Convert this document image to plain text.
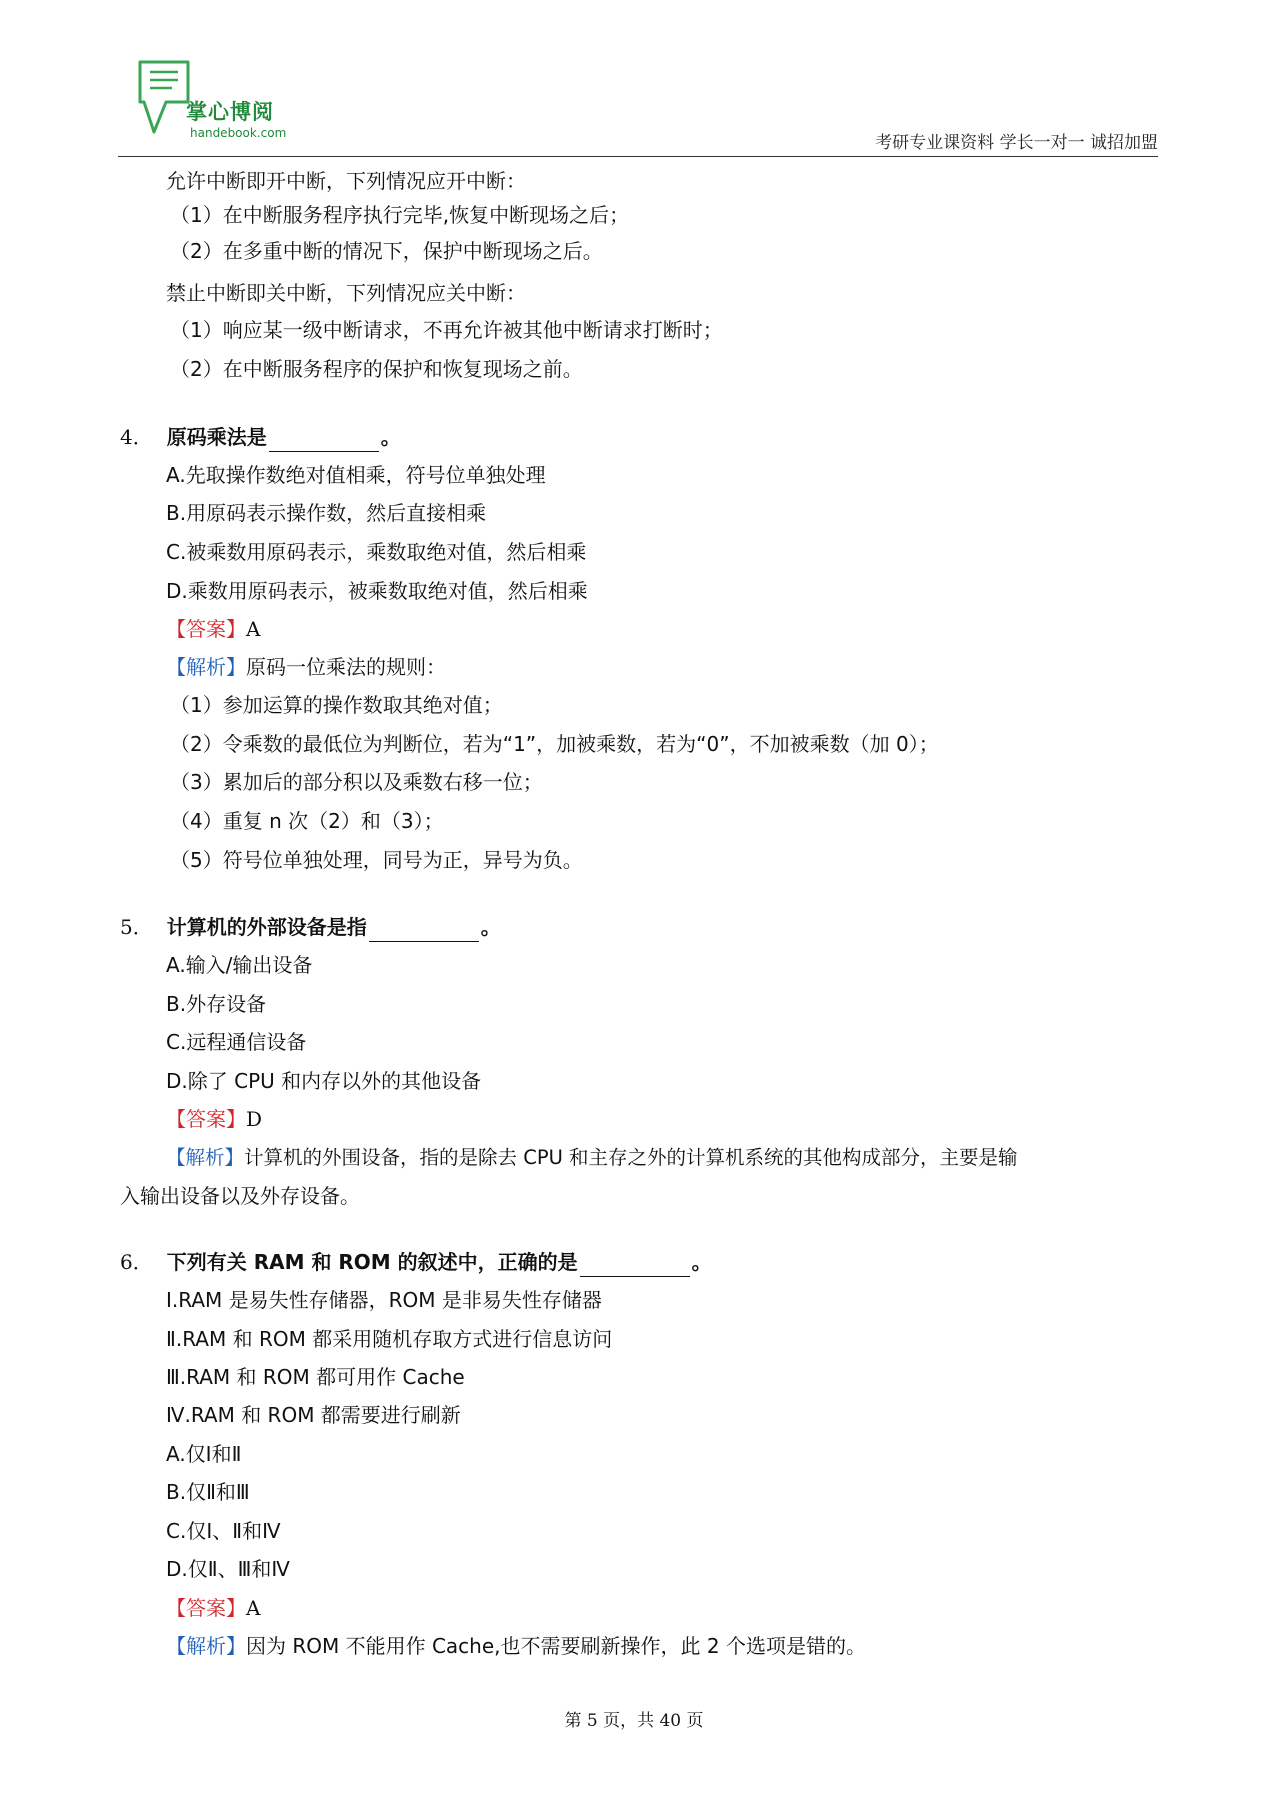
掌心博阅
handebook.com	考研专业课资料 学长一对一 诚招加盟
允许中断即开中断，下列情况应开中断：
（1）在中断服务程序执行完毕,恢复中断现场之后；
（2）在多重中断的情况下，保护中断现场之后。
禁止中断即关中断，下列情况应关中断：
（1）响应某一级中断请求，不再允许被其他中断请求打断时；
（2）在中断服务程序的保护和恢复现场之前。
4． 原码乘法是	。
A.先取操作数绝对值相乘，符号位单独处理
B.用原码表示操作数，然后直接相乘
C.被乘数用原码表示，乘数取绝对值，然后相乘
D.乘数用原码表示，被乘数取绝对值，然后相乘
【答案】A
【解析】原码一位乘法的规则：
（1）参加运算的操作数取其绝对值；
（2）令乘数的最低位为判断位，若为“1”，加被乘数，若为“0”，不加被乘数（加 0）；
（3）累加后的部分积以及乘数右移一位；
（4）重复 n 次（2）和（3）；
（5）符号位单独处理，同号为正，异号为负。
5． 计算机的外部设备是指	。
A.输入/输出设备
B.外存设备
C.远程通信设备
D.除了 CPU 和内存以外的其他设备
【答案】D
【解析】计算机的外围设备，指的是除去 CPU 和主存之外的计算机系统的其他构成部分，主要是输
入输出设备以及外存设备。
6． 下列有关 RAM 和 ROM 的叙述中，正确的是	。
Ⅰ.RAM 是易失性存储器，ROM 是非易失性存储器
Ⅱ.RAM 和 ROM 都采用随机存取方式进行信息访问
Ⅲ.RAM 和 ROM 都可用作 Cache
Ⅳ.RAM 和 ROM 都需要进行刷新
A.仅Ⅰ和Ⅱ
B.仅Ⅱ和Ⅲ
C.仅Ⅰ、Ⅱ和Ⅳ
D.仅Ⅱ、Ⅲ和Ⅳ
【答案】A
【解析】因为 ROM 不能用作 Cache,也不需要刷新操作，此 2 个选项是错的。
第 5 页，共 40 页
